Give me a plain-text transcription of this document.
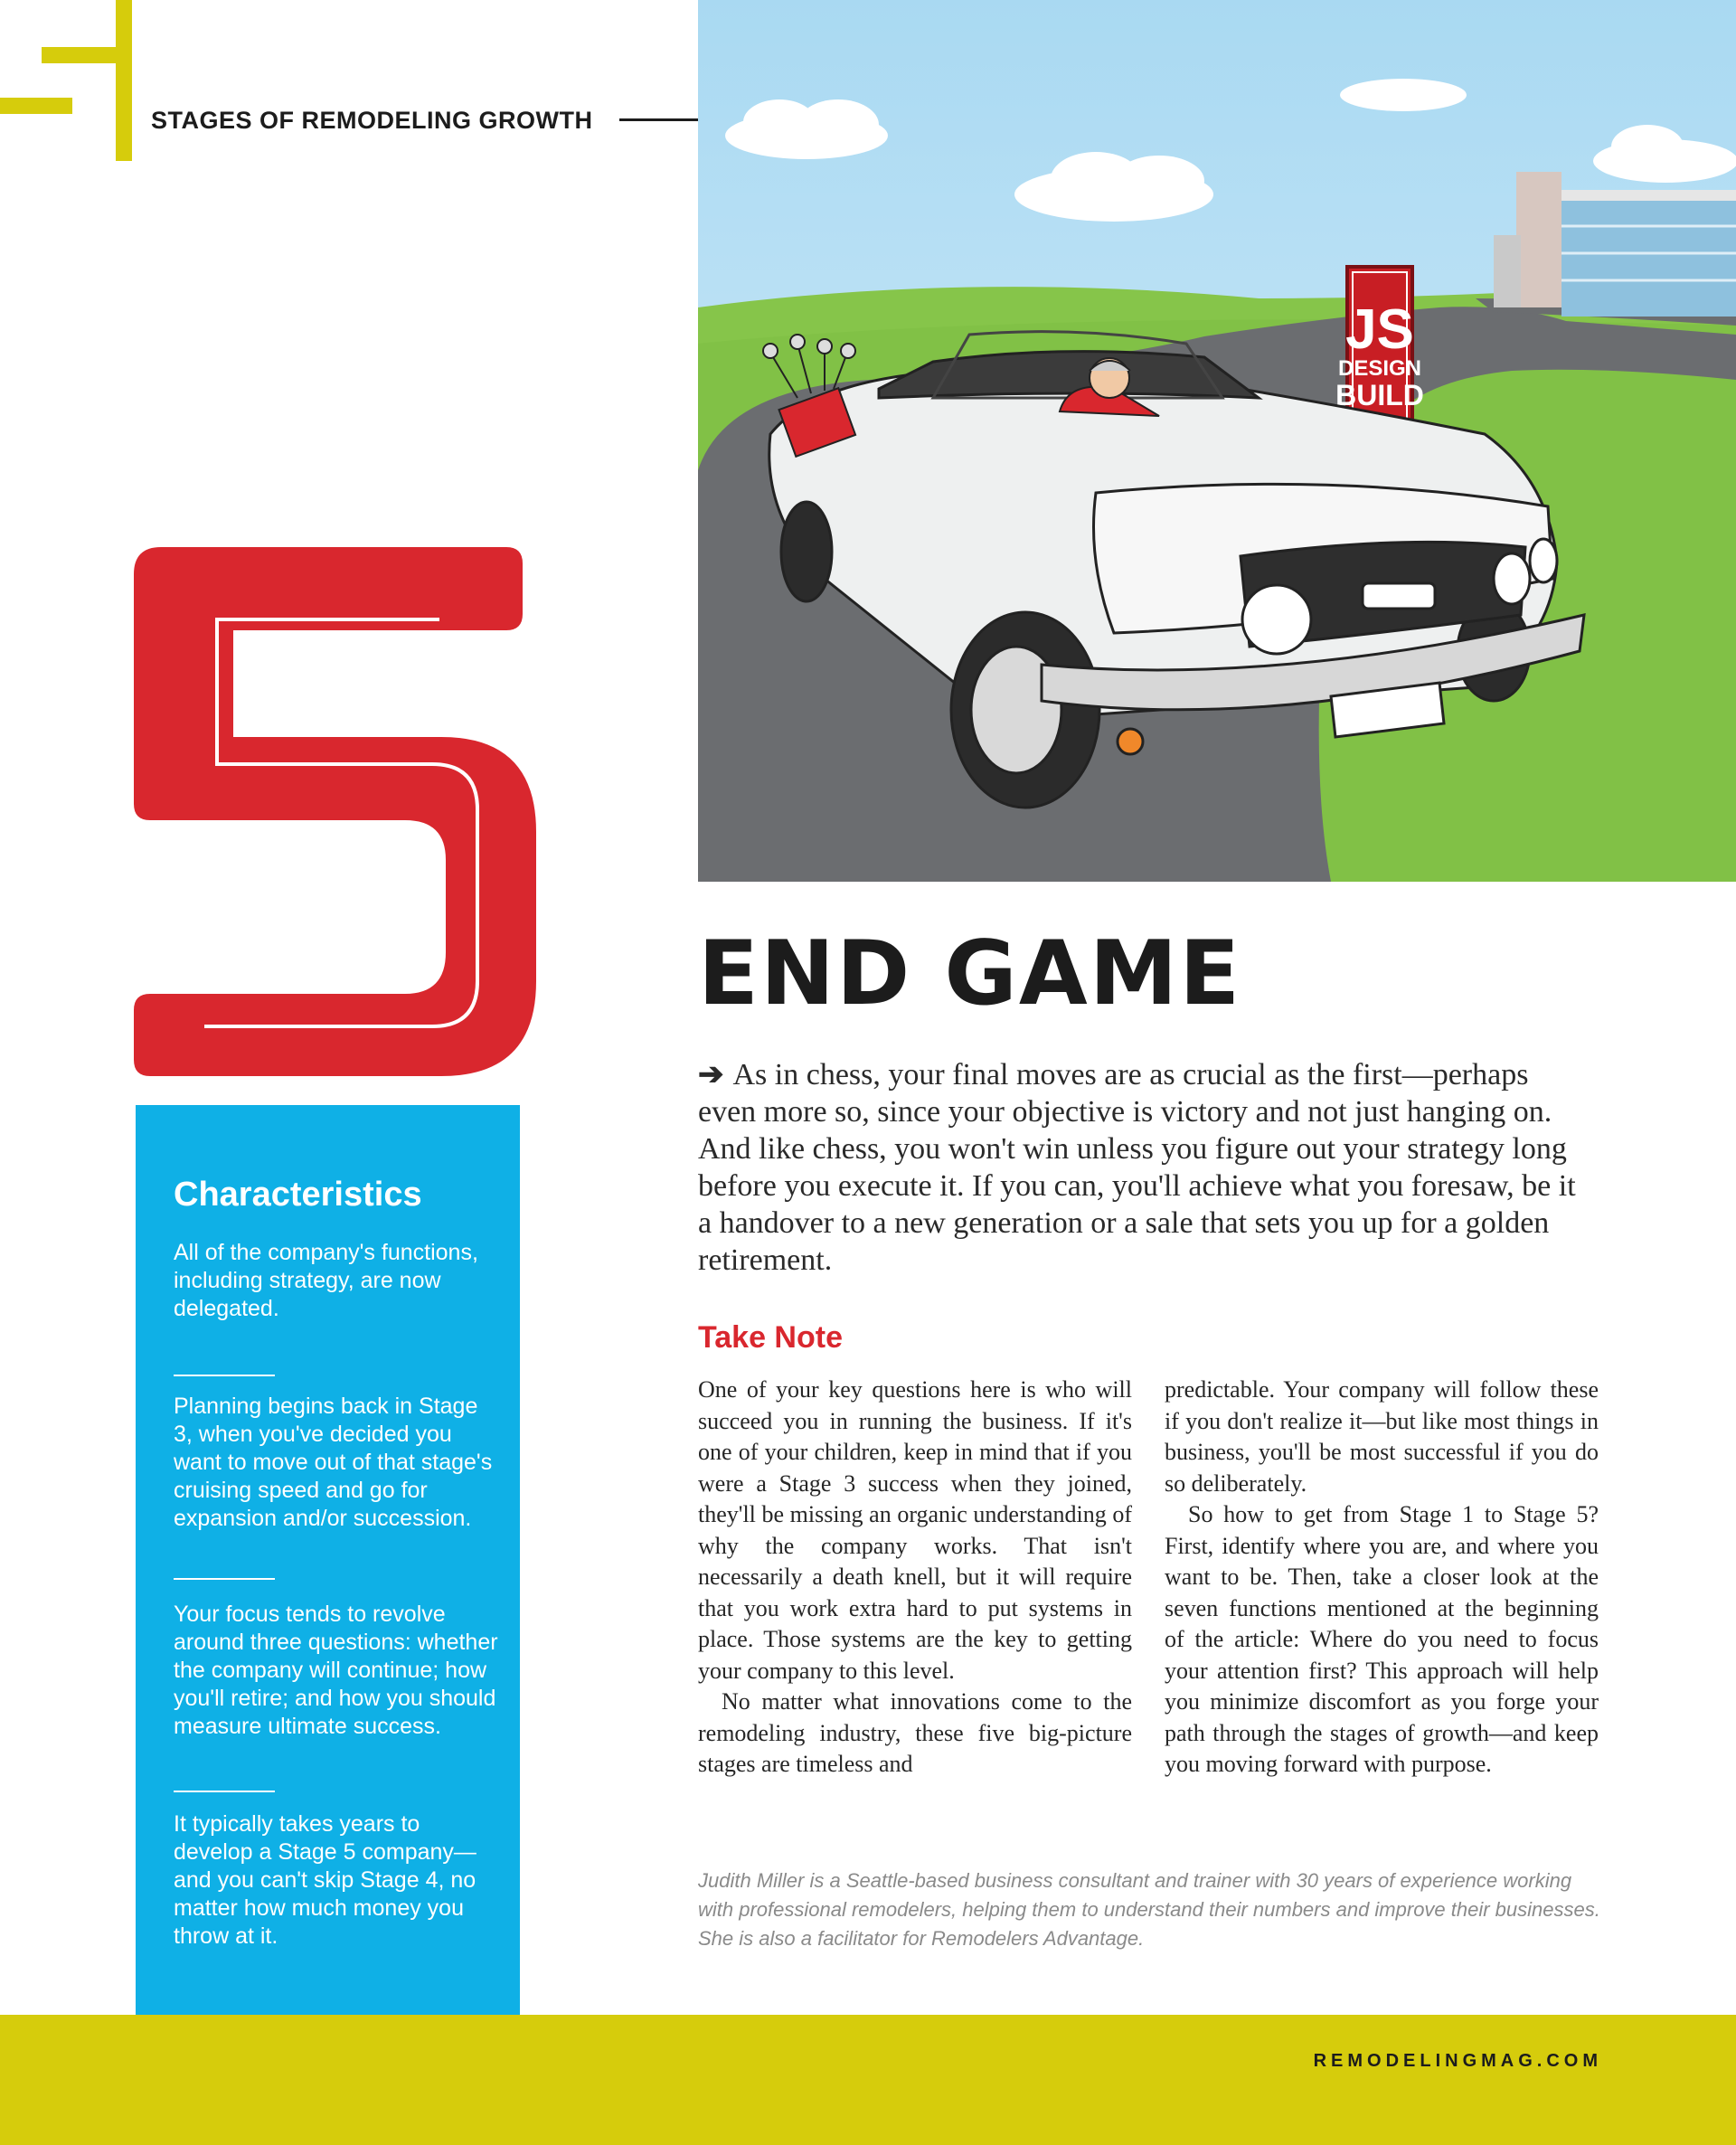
STAGES OF REMODELING GROWTH
Characteristics
All of the company's functions, including strategy, are now delegated.
Planning begins back in Stage 3, when you've decided you want to move out of that stage's cruising speed and go for expansion and/or succession.
Your focus tends to revolve around three questions: whether the company will continue; how you'll retire; and how you should measure ultimate success.
It typically takes years to develop a Stage 5 company—and you can't skip Stage 4, no matter how much money you throw at it.
JS
DESIGN
BUILD
END GAME
➔ As in chess, your final moves are as crucial as the first—perhaps even more so, since your objective is victory and not just hanging on. And like chess, you won't win unless you figure out your strategy long before you execute it. If you can, you'll achieve what you foresaw, be it a handover to a new generation or a sale that sets you up for a golden retirement.
Take Note

One of your key questions here is who will succeed you in running the business. If it's one of your children, keep in mind that if you were a Stage 3 success when they joined, they'll be missing an organic understanding of why the company works. That isn't necessarily a death knell, but it will require that you work extra hard to put systems in place. Those systems are the key to getting your company to this level.

No matter what innovations come to the remodeling industry, these five big-picture stages are timeless and

predictable. Your company will follow these if you don't realize it—but like most things in business, you'll be most successful if you do so deliberately.

So how to get from Stage 1 to Stage 5? First, identify where you are, and where you want to be. Then, take a closer look at the seven functions mentioned at the beginning of the article: Where do you need to focus your attention first? This approach will help you minimize discomfort as you forge your path through the stages of growth—and keep you moving forward with purpose.

Judith Miller is a Seattle-based business consultant and trainer with 30 years of experience working with professional remodelers, helping them to understand their numbers and improve their businesses. She is also a facilitator for Remodelers Advantage.
REMODELINGMAG.COM
